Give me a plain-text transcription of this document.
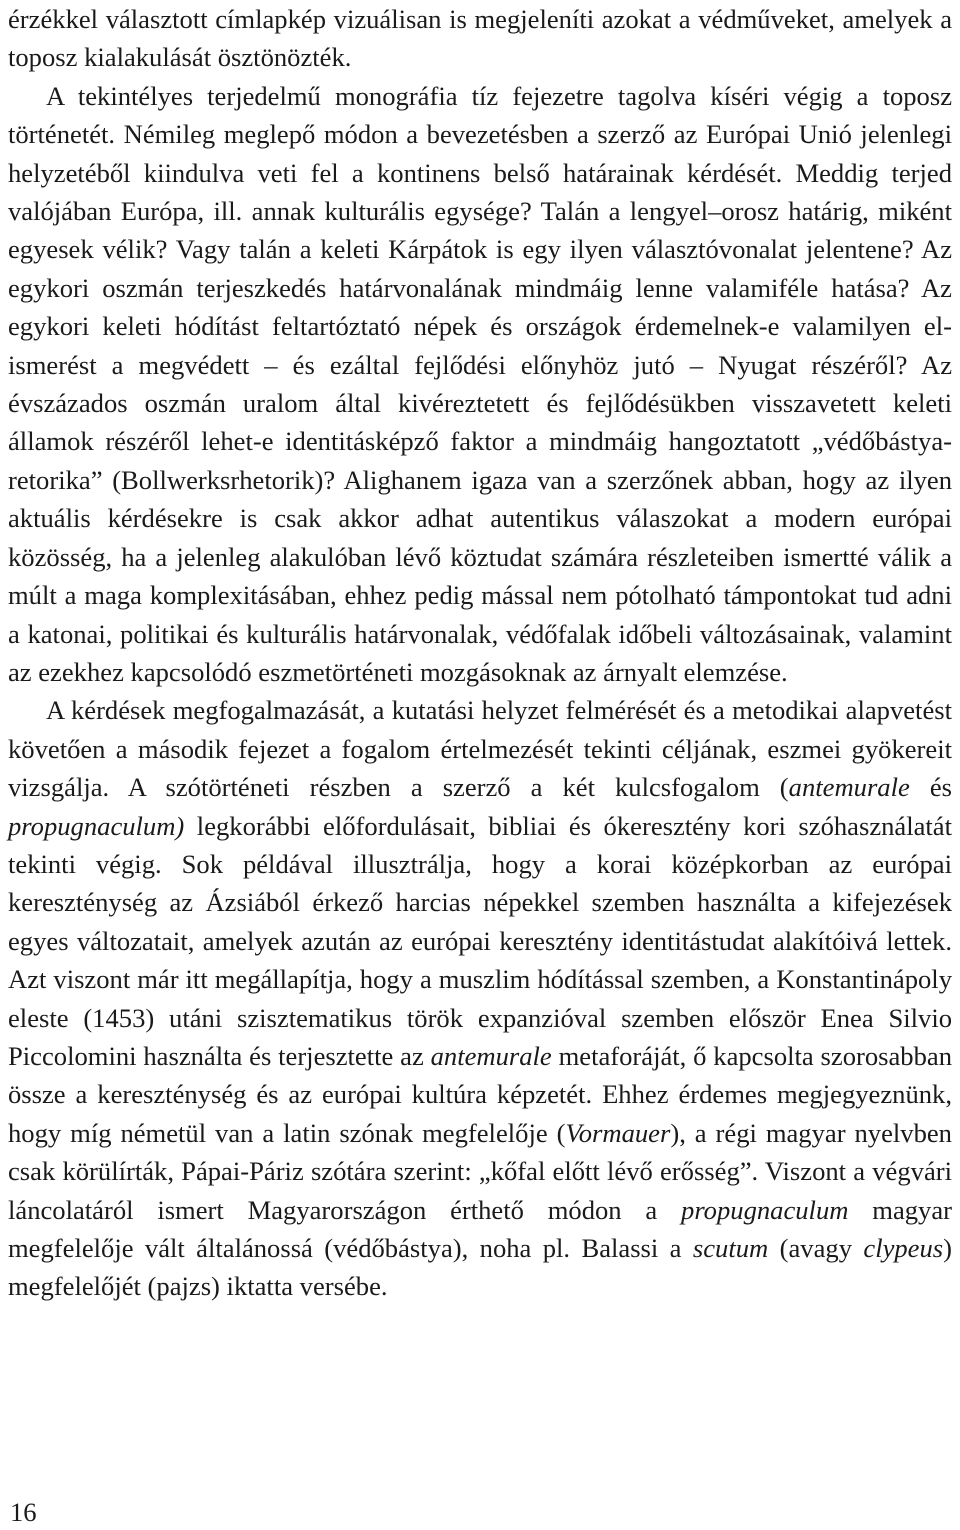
érzékkel választott címlapkép vizuálisan is megjeleníti azokat a védműveket, amelyek a toposz kialakulását ösztönözték.

A tekintélyes terjedelmű monográfia tíz fejezetre tagolva kíséri végig a toposz történetét. Némileg meglepő módon a bevezetésben a szerző az Európai Unió jelenlegi helyzetéből kiindulva veti fel a kontinens belső határainak kérdését. Meddig terjed valójában Európa, ill. annak kulturális egysége? Talán a lengyel–orosz határig, miként egyesek vélik? Vagy talán a keleti Kárpátok is egy ilyen választóvonalat jelentene? Az egykori oszmán terjeszkedés határvonalának mindmáig lenne valamiféle hatása? Az egykori keleti hódítást feltartóztató népek és országok érdemelnek-e valamilyen elismerést a megvédett – és ezáltal fejlődési előnyhöz jutó – Nyugat részéről? Az évszázados oszmán uralom által kivéreztetett és fejlődésükben visszavetett keleti államok részéről lehet-e identitásképző faktor a mindmáig hangoztatott „védőbástya-retorika” (Bollwerksrhetorik)? Alighanem igaza van a szerzőnek abban, hogy az ilyen aktuális kérdésekre is csak akkor adhat autentikus válaszokat a modern európai közösség, ha a jelenleg alakulóban lévő köztudat számára részleteiben ismertté válik a múlt a maga komplexitásában, ehhez pedig mással nem pótolható támpontokat tud adni a katonai, politikai és kulturális határvonalak, védőfalak időbeli változásainak, valamint az ezekhez kapcsolódó eszmetörténeti mozgásoknak az árnyalt elemzése.

A kérdések megfogalmazását, a kutatási helyzet felmérését és a metodikai alapvetést követően a második fejezet a fogalom értelmezését tekinti céljának, eszmei gyökereit vizsgálja. A szótörténeti részben a szerző a két kulcsfogalom (antemurale és propugnaculum) legkorábbi előfordulásait, bibliai és ókeresztény kori szóhasználatát tekinti végig. Sok példával illusztrálja, hogy a korai középkorban az európai kereszténység az Ázsiából érkező harcias népekkel szemben használta a kifejezések egyes változatait, amelyek azután az európai keresztény identitástudat alakítóivá lettek. Azt viszont már itt megállapítja, hogy a muszlim hódítással szemben, a Konstantinápoly eleste (1453) utáni szisztematikus török expanzióval szemben először Enea Silvio Piccolomini használta és terjesztette az antemurale metaforáját, ő kapcsolta szorosabban össze a kereszténység és az európai kultúra képzetét. Ehhez érdemes megjegyeznünk, hogy míg németül van a latin szónak megfelelője (Vormauer), a régi magyar nyelvben csak körülírták, Pápai-Páriz szótára szerint: „kőfal előtt lévő erősség”. Viszont a végvári láncolatáról ismert Magyarországon érthető módon a propugnaculum magyar megfelelője vált általánossá (védőbástya), noha pl. Balassi a scutum (avagy clypeus) megfelelőjét (pajzs) iktatta versébe.

16
